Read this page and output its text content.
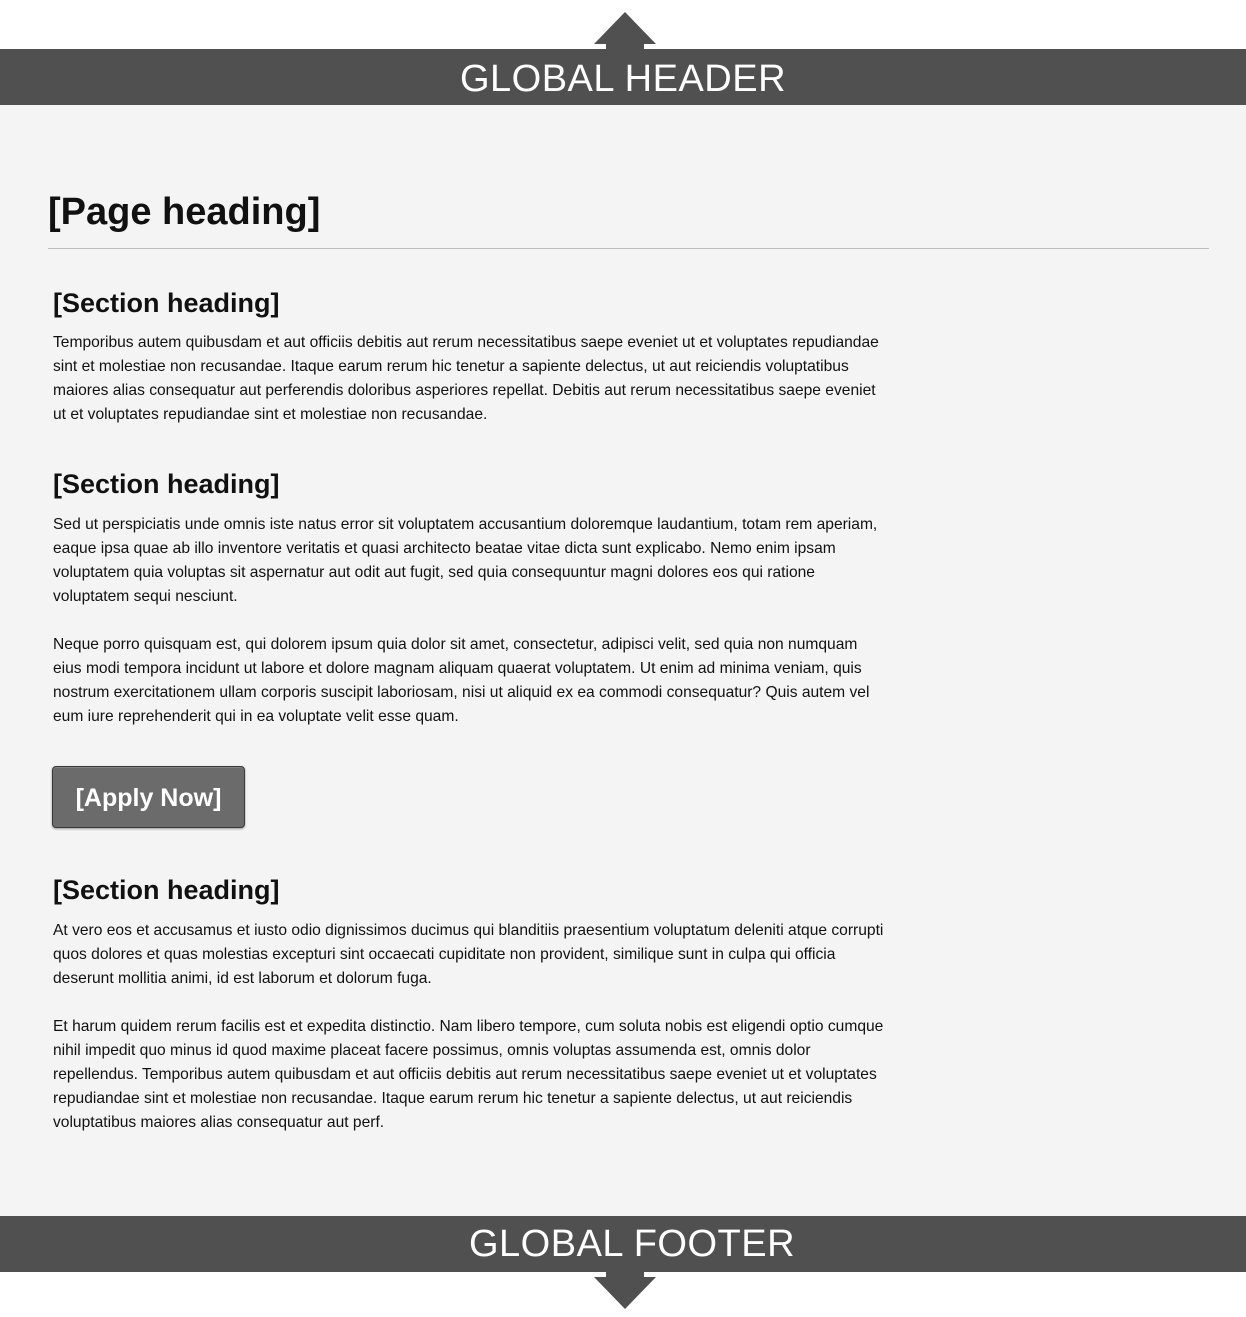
GLOBAL HEADER
[Page heading]
[Section heading]

Temporibus autem quibusdam et aut officiis debitis aut rerum necessitatibus saepe eveniet ut et voluptates repudiandae sint et molestiae non recusandae. Itaque earum rerum hic tenetur a sapiente delectus, ut aut reiciendis voluptatibus maiores alias consequatur aut perferendis doloribus asperiores repellat. Debitis aut rerum necessitatibus saepe eveniet ut et voluptates repudiandae sint et molestiae non recusandae.

[Section heading]

Sed ut perspiciatis unde omnis iste natus error sit voluptatem accusantium doloremque laudantium, totam rem aperiam, eaque ipsa quae ab illo inventore veritatis et quasi architecto beatae vitae dicta sunt explicabo. Nemo enim ipsam voluptatem quia voluptas sit aspernatur aut odit aut fugit, sed quia consequuntur magni dolores eos qui ratione voluptatem sequi nesciunt.

Neque porro quisquam est, qui dolorem ipsum quia dolor sit amet, consectetur, adipisci velit, sed quia non numquam eius modi tempora incidunt ut labore et dolore magnam aliquam quaerat voluptatem. Ut enim ad minima veniam, quis nostrum exercitationem ullam corporis suscipit laboriosam, nisi ut aliquid ex ea commodi consequatur? Quis autem vel eum iure reprehenderit qui in ea voluptate velit esse quam.

[Apply Now]
[Section heading]

At vero eos et accusamus et iusto odio dignissimos ducimus qui blanditiis praesentium voluptatum deleniti atque corrupti quos dolores et quas molestias excepturi sint occaecati cupiditate non provident, similique sunt in culpa qui officia deserunt mollitia animi, id est laborum et dolorum fuga.

Et harum quidem rerum facilis est et expedita distinctio. Nam libero tempore, cum soluta nobis est eligendi optio cumque nihil impedit quo minus id quod maxime placeat facere possimus, omnis voluptas assumenda est, omnis dolor repellendus. Temporibus autem quibusdam et aut officiis debitis aut rerum necessitatibus saepe eveniet ut et voluptates repudiandae sint et molestiae non recusandae. Itaque earum rerum hic tenetur a sapiente delectus, ut aut reiciendis voluptatibus maiores alias consequatur aut perf.

GLOBAL FOOTER
